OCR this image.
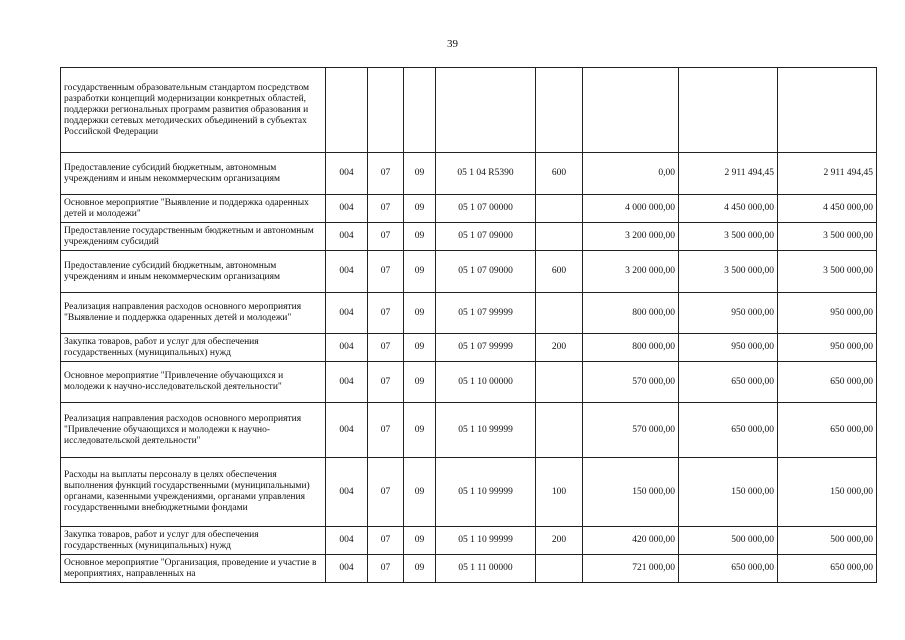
39
государственным образовательным стандартом посредством разработки концепций модернизации конкретных областей, поддержки региональных программ развития образования и поддержки сетевых методических объединений в субъектах Российской Федерации								
Предоставление субсидий бюджетным, автономным учреждениям и иным некоммерческим организациям	004	07	09	05 1 04 R5390	600	0,00	2 911 494,45	2 911 494,45
Основное мероприятие "Выявление и поддержка одаренных детей и молодежи"	004	07	09	05 1 07 00000		4 000 000,00	4 450 000,00	4 450 000,00
Предоставление государственным бюджетным и автономным учреждениям субсидий	004	07	09	05 1 07 09000		3 200 000,00	3 500 000,00	3 500 000,00
Предоставление субсидий бюджетным, автономным учреждениям и иным некоммерческим организациям	004	07	09	05 1 07 09000	600	3 200 000,00	3 500 000,00	3 500 000,00
Реализация направления расходов основного мероприятия "Выявление и поддержка одаренных детей и молодежи"	004	07	09	05 1 07 99999		800 000,00	950 000,00	950 000,00
Закупка товаров, работ и услуг для обеспечения государственных (муниципальных) нужд	004	07	09	05 1 07 99999	200	800 000,00	950 000,00	950 000,00
Основное мероприятие "Привлечение обучающихся и молодежи к научно-исследовательской деятельности"	004	07	09	05 1 10 00000		570 000,00	650 000,00	650 000,00
Реализация направления расходов основного мероприятия "Привлечение обучающихся и молодежи к научно-исследовательской деятельности"	004	07	09	05 1 10 99999		570 000,00	650 000,00	650 000,00
Расходы на выплаты персоналу в целях обеспечения выполнения функций государственными (муниципальными) органами, казенными учреждениями, органами управления государственными внебюджетными фондами	004	07	09	05 1 10 99999	100	150 000,00	150 000,00	150 000,00
Закупка товаров, работ и услуг для обеспечения государственных (муниципальных) нужд	004	07	09	05 1 10 99999	200	420 000,00	500 000,00	500 000,00
Основное мероприятие "Организация, проведение и участие в мероприятиях, направленных на	004	07	09	05 1 11 00000		721 000,00	650 000,00	650 000,00
